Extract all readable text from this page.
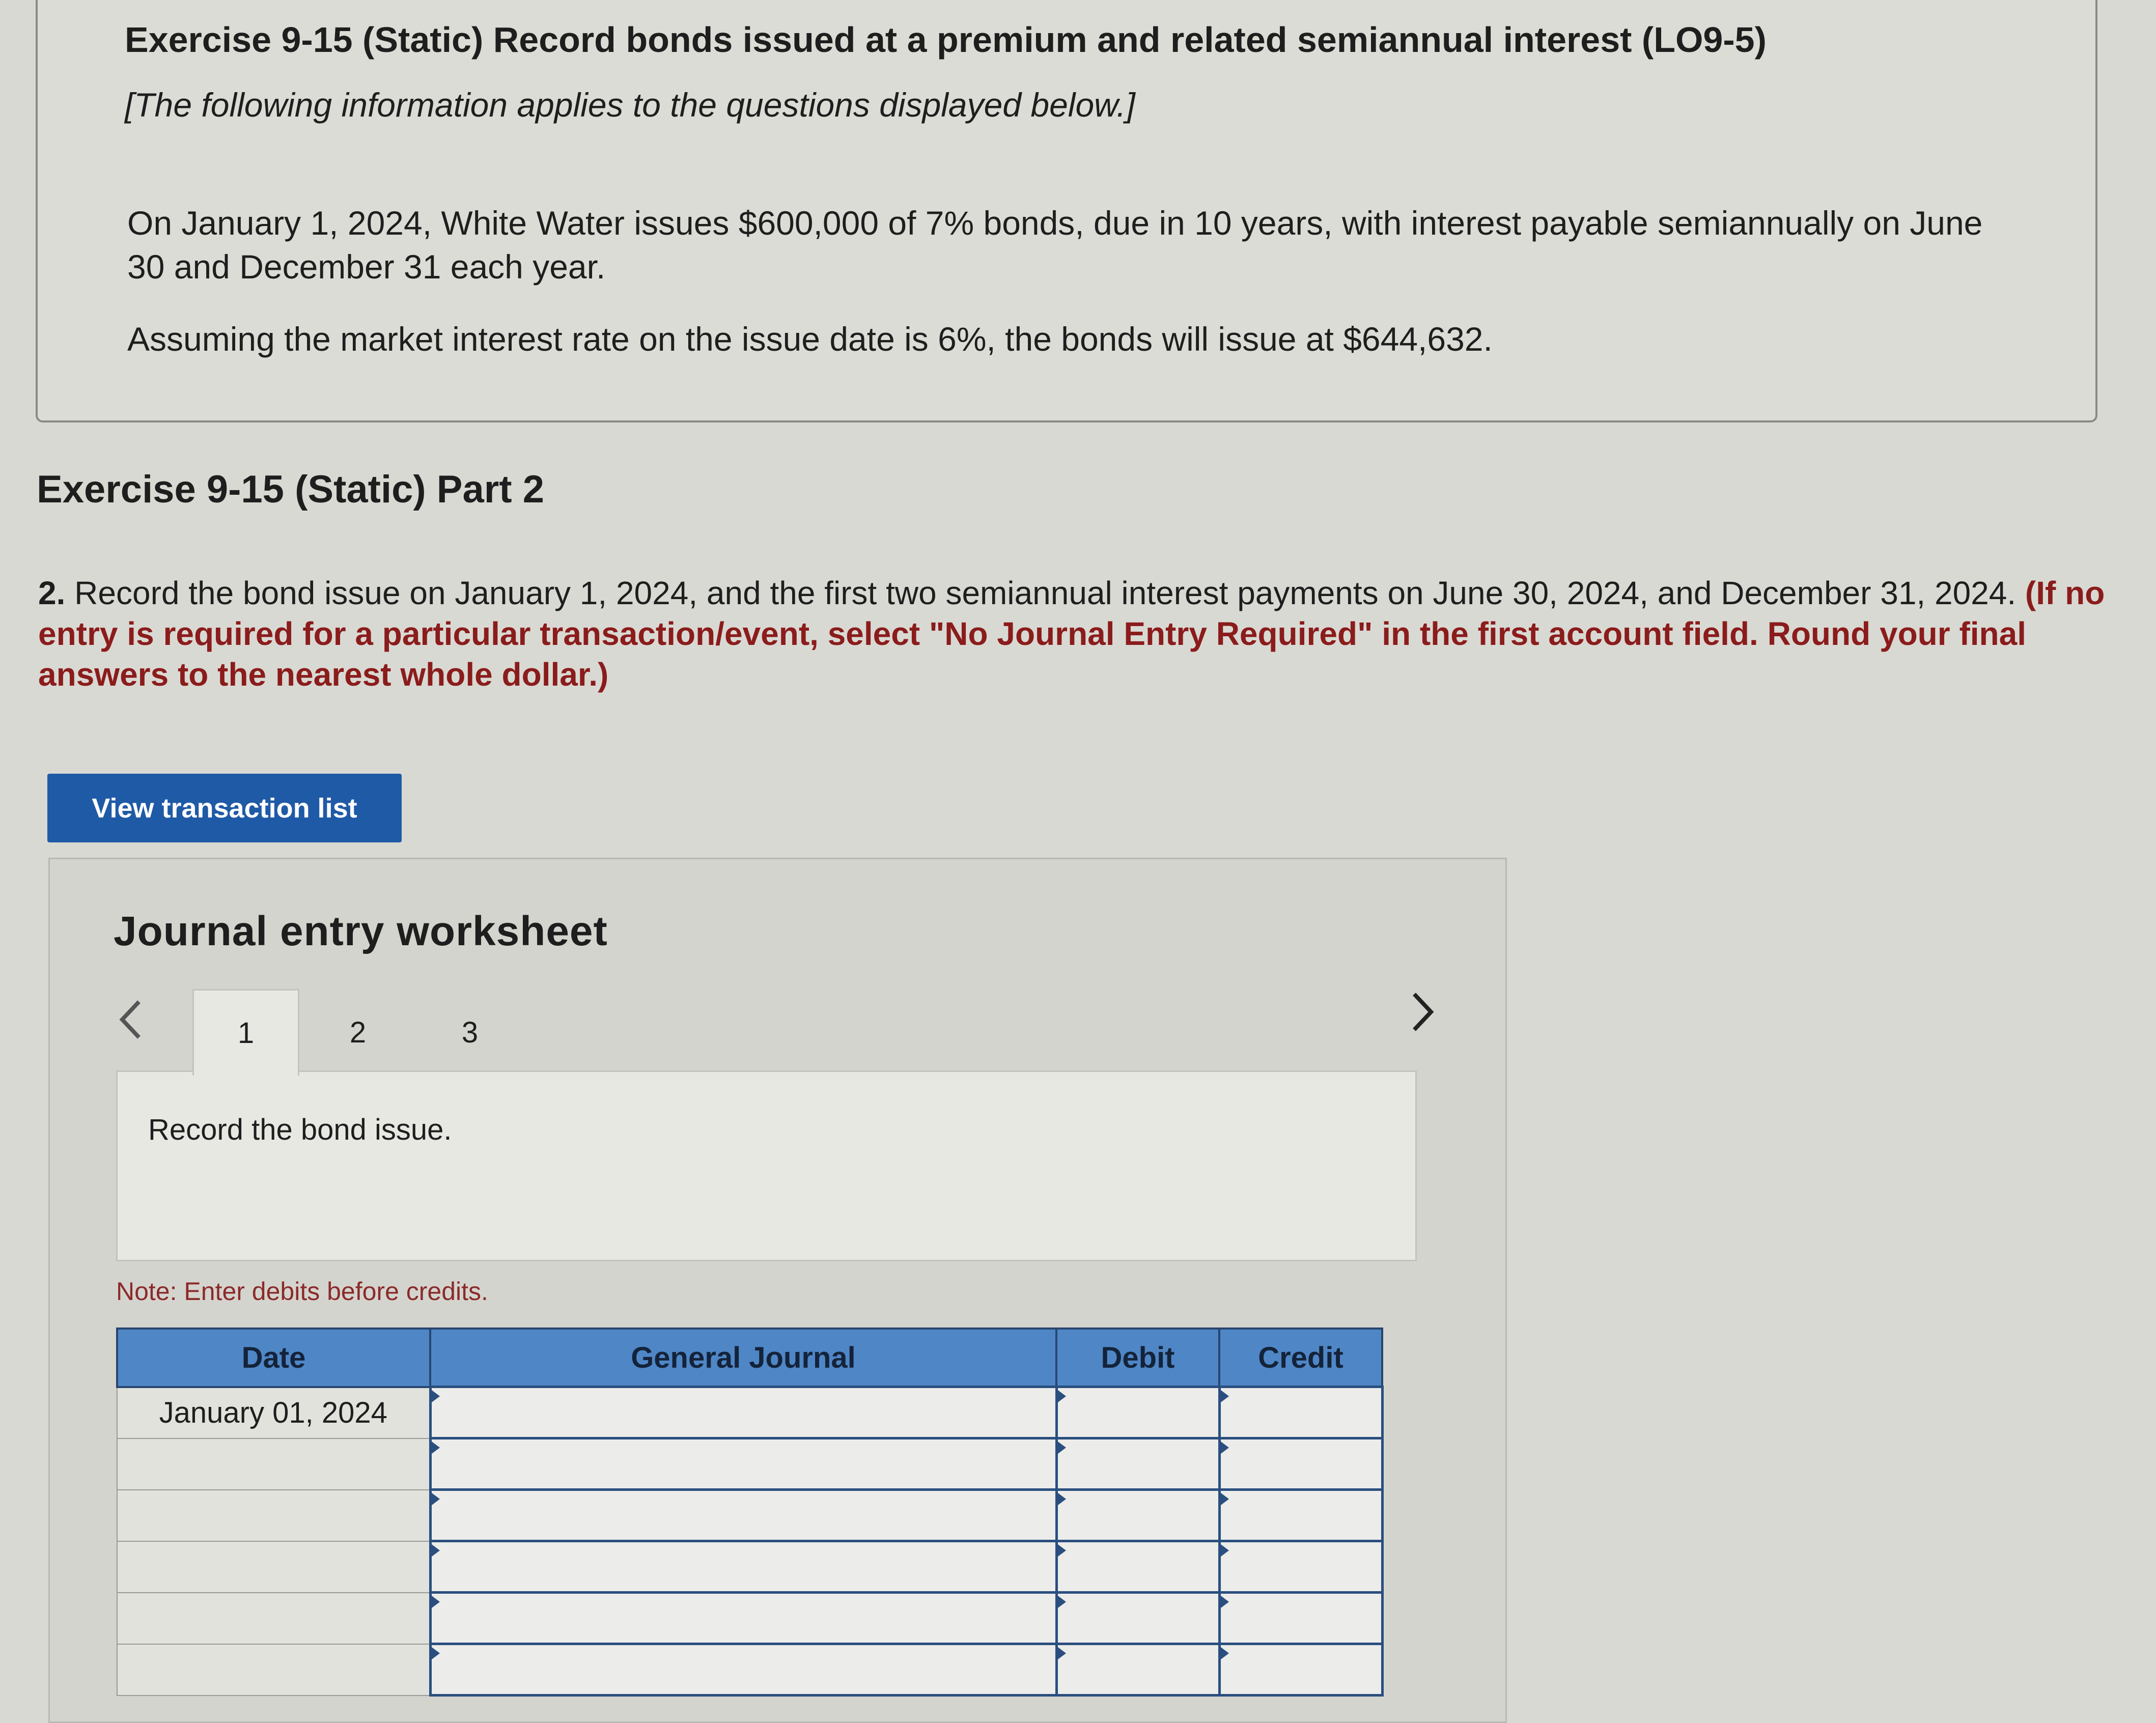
Exercise 9-15 (Static) Record bonds issued at a premium and related semiannual interest (LO9-5)
[The following information applies to the questions displayed below.]
On January 1, 2024, White Water issues $600,000 of 7% bonds, due in 10 years, with interest payable semiannually on June 30 and December 31 each year.
Assuming the market interest rate on the issue date is 6%, the bonds will issue at $644,632.
Exercise 9-15 (Static) Part 2
2. Record the bond issue on January 1, 2024, and the first two semiannual interest payments on June 30, 2024, and December 31, 2024. (If no entry is required for a particular transaction/event, select "No Journal Entry Required" in the first account field. Round your final answers to the nearest whole dollar.)
View transaction list
Journal entry worksheet
1	2	3
Record the bond issue.
Note: Enter debits before credits.
Date	General Journal	Debit	Credit
January 01, 2024	
